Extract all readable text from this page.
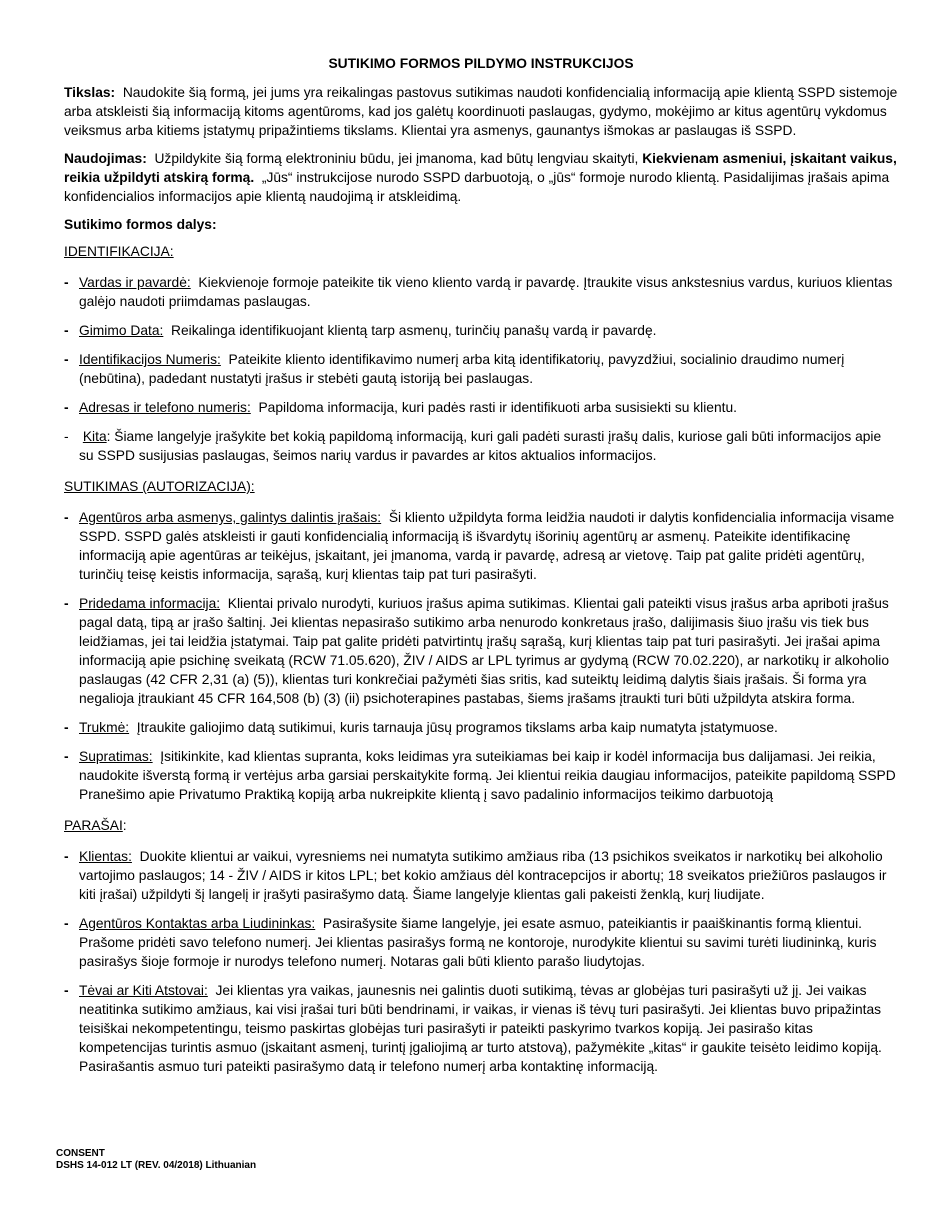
SUTIKIMO FORMOS PILDYMO INSTRUKCIJOS

Tikslas: Naudokite šią formą, jei jums yra reikalingas pastovus sutikimas naudoti konfidencialią informaciją apie klientą SSPD sistemoje arba atskleisti šią informaciją kitoms agentūroms, kad jos galėtų koordinuoti paslaugas, gydymo, mokėjimo ar kitus agentūrų vykdomus veiksmus arba kitiems įstatymų pripažintiems tikslams. Klientai yra asmenys, gaunantys išmokas ar paslaugas iš SSPD.

Naudojimas: Užpildykite šią formą elektroniniu būdu, jei įmanoma, kad būtų lengviau skaityti, Kiekvienam asmeniui, įskaitant vaikus, reikia užpildyti atskirą formą. „Jūs“ instrukcijose nurodo SSPD darbuotoją, o „jūs“ formoje nurodo klientą. Pasidalijimas įrašais apima konfidencialios informacijos apie klientą naudojimą ir atskleidimą.

Sutikimo formos dalys:
IDENTIFIKACIJA:
- Vardas ir pavardė: Kiekvienoje formoje pateikite tik vieno kliento vardą ir pavardę. Įtraukite visus ankstesnius vardus, kuriuos klientas galėjo naudoti priimdamas paslaugas.
- Gimimo Data: Reikalinga identifikuojant klientą tarp asmenų, turinčių panašų vardą ir pavardę.
- Identifikacijos Numeris: Pateikite kliento identifikavimo numerį arba kitą identifikatorių, pavyzdžiui, socialinio draudimo numerį (nebūtina), padedant nustatyti įrašus ir stebėti gautą istoriją bei paslaugas.
- Adresas ir telefono numeris: Papildoma informacija, kuri padės rasti ir identifikuoti arba susisiekti su klientu.
-	Kita: Šiame langelyje įrašykite bet kokią papildomą informaciją, kuri gali padėti surasti įrašų dalis, kuriose gali būti informacijos apie su SSPD susijusias paslaugas, šeimos narių vardus ir pavardes ar kitos aktualios informacijos.
SUTIKIMAS (AUTORIZACIJA):
- Agentūros arba asmenys, galintys dalintis įrašais: Ši kliento užpildyta forma leidžia naudoti ir dalytis konfidencialia informacija visame SSPD. SSPD galės atskleisti ir gauti konfidencialią informaciją iš išvardytų išorinių agentūrų ar asmenų. Pateikite identifikacinę informaciją apie agentūras ar teikėjus, įskaitant, jei įmanoma, vardą ir pavardę, adresą ar vietovę. Taip pat galite pridėti agentūrų, turinčių teisę keistis informacija, sąrašą, kurį klientas taip pat turi pasirašyti.
- Pridedama informacija: Klientai privalo nurodyti, kuriuos įrašus apima sutikimas. Klientai gali pateikti visus įrašus arba apriboti įrašus pagal datą, tipą ar įrašo šaltinį. Jei klientas nepasirašo sutikimo arba nenurodo konkretaus įrašo, dalijimasis šiuo įrašu vis tiek bus leidžiamas, jei tai leidžia įstatymai. Taip pat galite pridėti patvirtintų įrašų sąrašą, kurį klientas taip pat turi pasirašyti. Jei įrašai apima informaciją apie psichinę sveikatą (RCW 71.05.620), ŽIV / AIDS ar LPL tyrimus ar gydymą (RCW 70.02.220), ar narkotikų ir alkoholio paslaugas (42 CFR 2,31 (a) (5)), klientas turi konkrečiai pažymėti šias sritis, kad suteiktų leidimą dalytis šiais įrašais. Ši forma yra negalioja įtraukiant 45 CFR 164,508 (b) (3) (ii) psichoterapines pastabas, šiems įrašams įtraukti turi būti užpildyta atskira forma.
- Trukmė: Įtraukite galiojimo datą sutikimui, kuris tarnauja jūsų programos tikslams arba kaip numatyta įstatymuose.
- Supratimas: Įsitikinkite, kad klientas supranta, koks leidimas yra suteikiamas bei kaip ir kodėl informacija bus dalijamasi. Jei reikia, naudokite išverstą formą ir vertėjus arba garsiai perskaitykite formą. Jei klientui reikia daugiau informacijos, pateikite papildomą SSPD Pranešimo apie Privatumo Praktiką kopiją arba nukreipkite klientą į savo padalinio informacijos teikimo darbuotoją
PARAŠAI:
- Klientas: Duokite klientui ar vaikui, vyresniems nei numatyta sutikimo amžiaus riba (13 psichikos sveikatos ir narkotikų bei alkoholio vartojimo paslaugos; 14 - ŽIV / AIDS ir kitos LPL; bet kokio amžiaus dėl kontracepcijos ir abortų; 18 sveikatos priežiūros paslaugos ir kiti įrašai) užpildyti šį langelį ir įrašyti pasirašymo datą. Šiame langelyje klientas gali pakeisti ženklą, kurį liudijate.
- Agentūros Kontaktas arba Liudininkas: Pasirašysite šiame langelyje, jei esate asmuo, pateikiantis ir paaiškinantis formą klientui. Prašome pridėti savo telefono numerį. Jei klientas pasirašys formą ne kontoroje, nurodykite klientui su savimi turėti liudininką, kuris pasirašys šioje formoje ir nurodys telefono numerį. Notaras gali būti kliento parašo liudytojas.
- Tėvai ar Kiti Atstovai: Jei klientas yra vaikas, jaunesnis nei galintis duoti sutikimą, tėvas ar globėjas turi pasirašyti už jį. Jei vaikas neatitinka sutikimo amžiaus, kai visi įrašai turi būti bendrinami, ir vaikas, ir vienas iš tėvų turi pasirašyti. Jei klientas buvo pripažintas teisiškai nekompetentingu, teismo paskirtas globėjas turi pasirašyti ir pateikti paskyrimo tvarkos kopiją. Jei pasirašo kitas kompetencijas turintis asmuo (įskaitant asmenį, turintį įgaliojimą ar turto atstovą), pažymėkite „kitas“ ir gaukite teisėto leidimo kopiją. Pasirašantis asmuo turi pateikti pasirašymo datą ir telefono numerį arba kontaktinę informaciją.
CONSENT
DSHS 14-012 LT (REV. 04/2018) Lithuanian
